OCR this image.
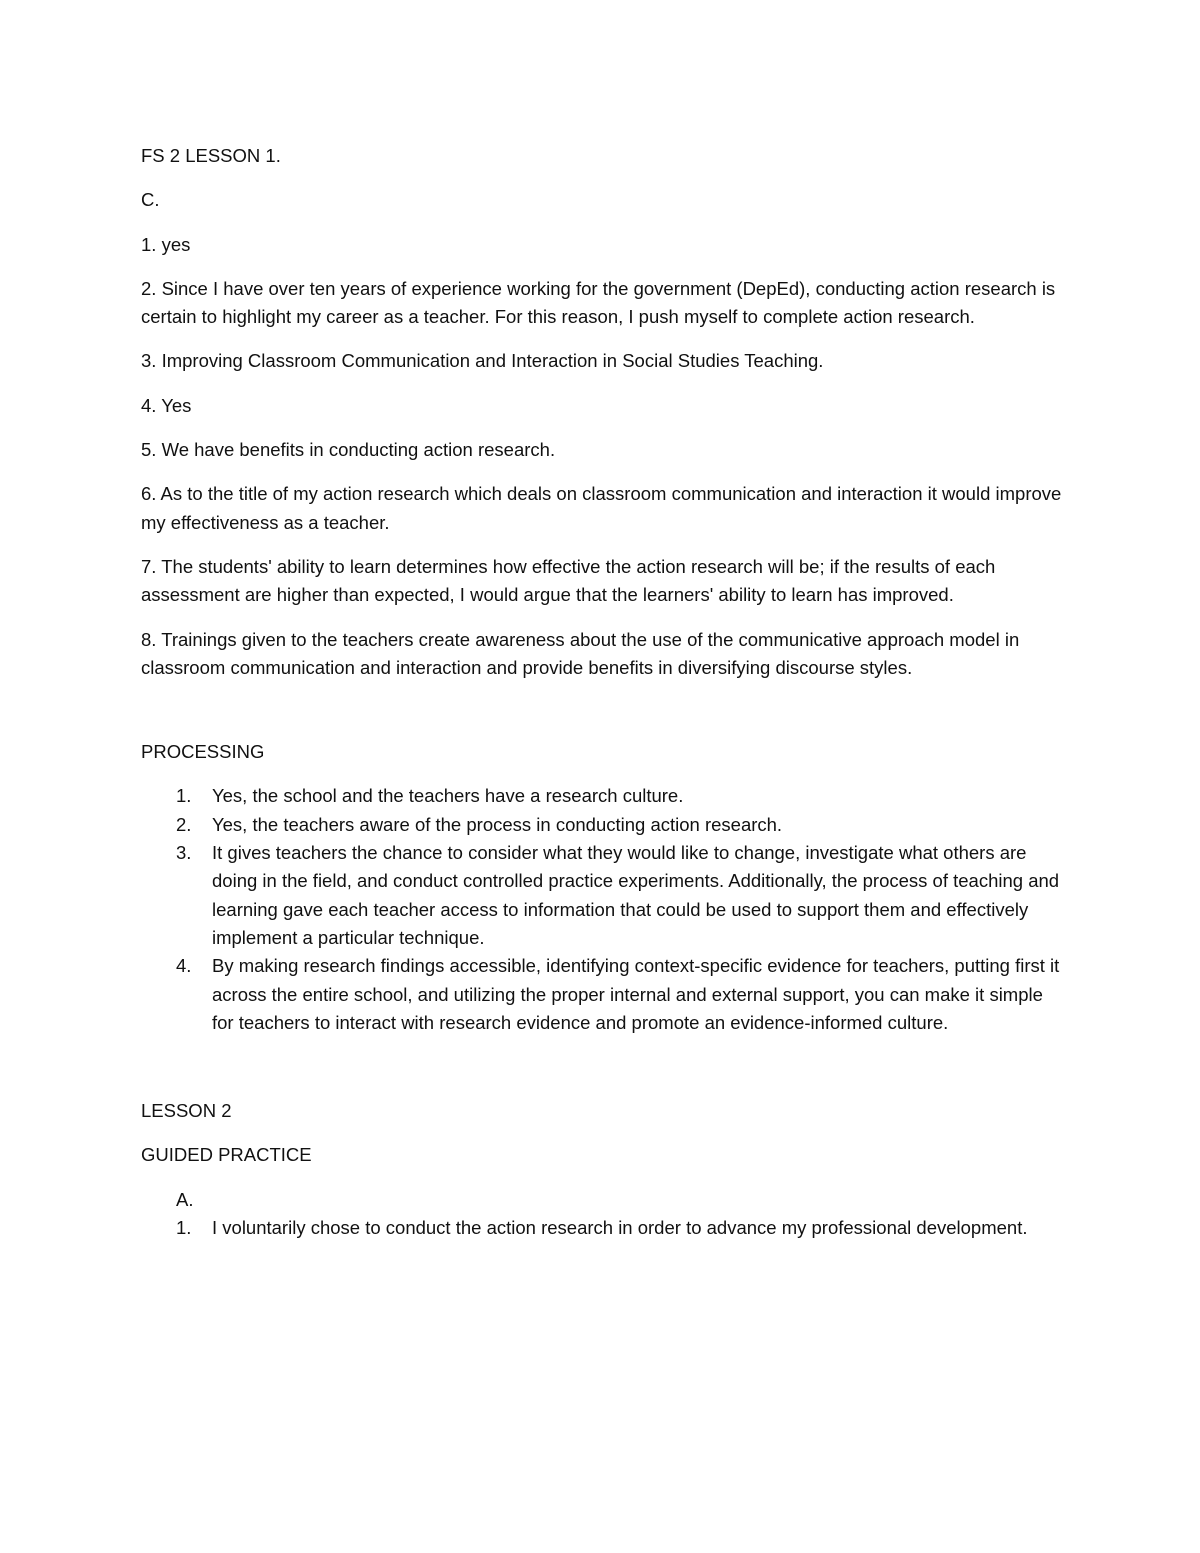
FS 2 LESSON 1.

C.

1. yes

2. Since I have over ten years of experience working for the government (DepEd), conducting action research is certain to highlight my career as a teacher. For this reason, I push myself to complete action research.

3. Improving Classroom Communication and Interaction in Social Studies Teaching.

4. Yes

5. We have benefits in conducting action research.

6. As to the title of my action research which deals on classroom communication and interaction it would improve my effectiveness as a teacher.

7. The students' ability to learn determines how effective the action research will be; if the results of each assessment are higher than expected, I would argue that the learners' ability to learn has improved.

8. Trainings given to the teachers create awareness about the use of the communicative approach model in classroom communication and interaction and provide benefits in diversifying discourse styles.

PROCESSING

1. Yes, the school and the teachers have a research culture.
2. Yes, the teachers aware of the process in conducting action research.
3. It gives teachers the chance to consider what they would like to change, investigate what others are doing in the field, and conduct controlled practice experiments. Additionally, the process of teaching and learning gave each teacher access to information that could be used to support them and effectively implement a particular technique.
4. By making research findings accessible, identifying context-specific evidence for teachers, putting first it across the entire school, and utilizing the proper internal and external support, you can make it simple for teachers to interact with research evidence and promote an evidence-informed culture.

LESSON 2

GUIDED PRACTICE

A.

1. I voluntarily chose to conduct the action research in order to advance my professional development.
